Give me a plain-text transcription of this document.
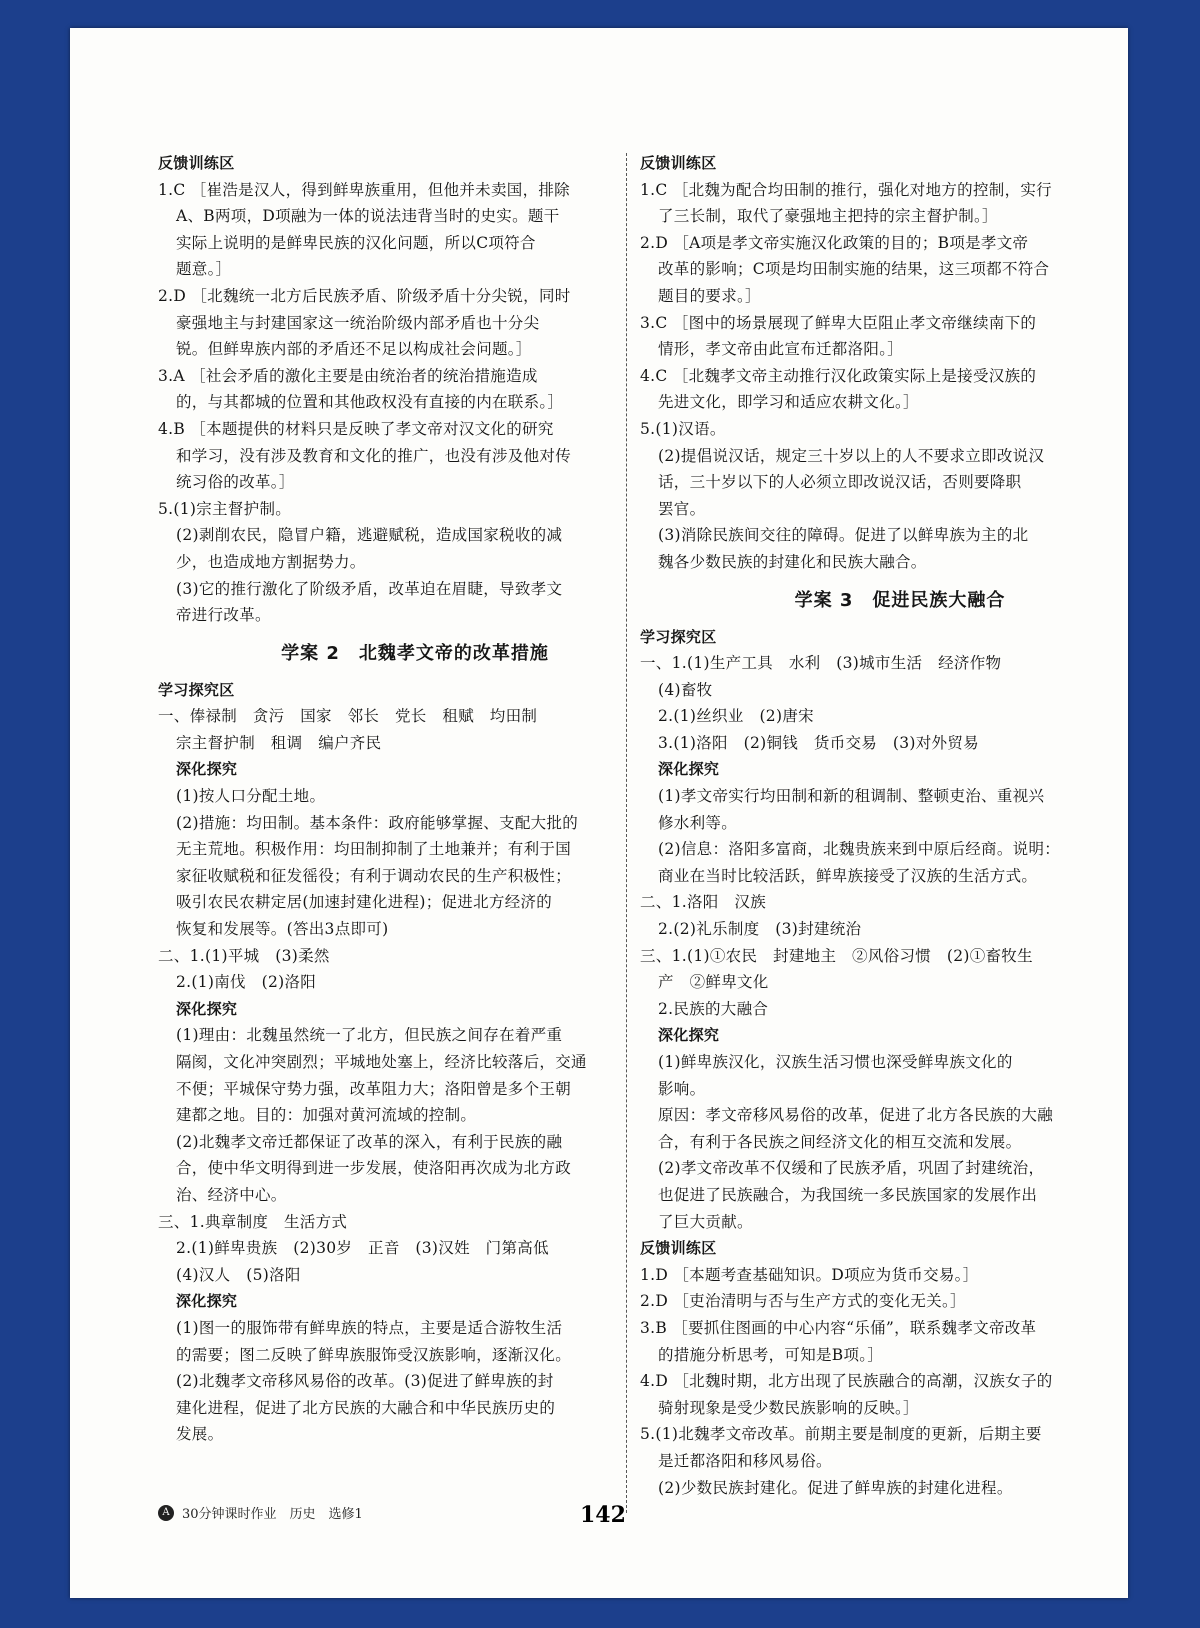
反馈训练区
1.C ［崔浩是汉人，得到鲜卑族重用，但他并未卖国，排除
A、B两项，D项融为一体的说法违背当时的史实。题干
实际上说明的是鲜卑民族的汉化问题，所以C项符合
题意。］
2.D ［北魏统一北方后民族矛盾、阶级矛盾十分尖锐，同时
豪强地主与封建国家这一统治阶级内部矛盾也十分尖
锐。但鲜卑族内部的矛盾还不足以构成社会问题。］
3.A ［社会矛盾的激化主要是由统治者的统治措施造成
的，与其都城的位置和其他政权没有直接的内在联系。］
4.B ［本题提供的材料只是反映了孝文帝对汉文化的研究
和学习，没有涉及教育和文化的推广，也没有涉及他对传
统习俗的改革。］
5.(1)宗主督护制。
(2)剥削农民，隐冒户籍，逃避赋税，造成国家税收的减
少，也造成地方割据势力。
(3)它的推行激化了阶级矛盾，改革迫在眉睫，导致孝文
帝进行改革。
学案 2　北魏孝文帝的改革措施
学习探究区
一、俸禄制　贪污　国家　邻长　党长　租赋　均田制
宗主督护制　租调　编户齐民
深化探究
(1)按人口分配土地。
(2)措施：均田制。基本条件：政府能够掌握、支配大批的
无主荒地。积极作用：均田制抑制了土地兼并；有利于国
家征收赋税和征发徭役；有利于调动农民的生产积极性；
吸引农民农耕定居(加速封建化进程)；促进北方经济的
恢复和发展等。(答出3点即可)
二、1.(1)平城　(3)柔然
2.(1)南伐　(2)洛阳
深化探究
(1)理由：北魏虽然统一了北方，但民族之间存在着严重
隔阂，文化冲突剧烈；平城地处塞上，经济比较落后，交通
不便；平城保守势力强，改革阻力大；洛阳曾是多个王朝
建都之地。目的：加强对黄河流域的控制。
(2)北魏孝文帝迁都保证了改革的深入，有利于民族的融
合，使中华文明得到进一步发展，使洛阳再次成为北方政
治、经济中心。
三、1.典章制度　生活方式
2.(1)鲜卑贵族　(2)30岁　正音　(3)汉姓　门第高低
(4)汉人　(5)洛阳
深化探究
(1)图一的服饰带有鲜卑族的特点，主要是适合游牧生活
的需要；图二反映了鲜卑族服饰受汉族影响，逐渐汉化。
(2)北魏孝文帝移风易俗的改革。(3)促进了鲜卑族的封
建化进程，促进了北方民族的大融合和中华民族历史的
发展。
反馈训练区
1.C ［北魏为配合均田制的推行，强化对地方的控制，实行
了三长制，取代了豪强地主把持的宗主督护制。］
2.D ［A项是孝文帝实施汉化政策的目的；B项是孝文帝
改革的影响；C项是均田制实施的结果，这三项都不符合
题目的要求。］
3.C ［图中的场景展现了鲜卑大臣阻止孝文帝继续南下的
情形，孝文帝由此宣布迁都洛阳。］
4.C ［北魏孝文帝主动推行汉化政策实际上是接受汉族的
先进文化，即学习和适应农耕文化。］
5.(1)汉语。
(2)提倡说汉话，规定三十岁以上的人不要求立即改说汉
话，三十岁以下的人必须立即改说汉话，否则要降职
罢官。
(3)消除民族间交往的障碍。促进了以鲜卑族为主的北
魏各少数民族的封建化和民族大融合。
学案 3　促进民族大融合
学习探究区
一、1.(1)生产工具　水利　(3)城市生活　经济作物
(4)畜牧
2.(1)丝织业　(2)唐宋
3.(1)洛阳　(2)铜钱　货币交易　(3)对外贸易
深化探究
(1)孝文帝实行均田制和新的租调制、整顿吏治、重视兴
修水利等。
(2)信息：洛阳多富商，北魏贵族来到中原后经商。说明：
商业在当时比较活跃，鲜卑族接受了汉族的生活方式。
二、1.洛阳　汉族
2.(2)礼乐制度　(3)封建统治
三、1.(1)①农民　封建地主　②风俗习惯　(2)①畜牧生
产　②鲜卑文化
2.民族的大融合
深化探究
(1)鲜卑族汉化，汉族生活习惯也深受鲜卑族文化的
影响。
原因：孝文帝移风易俗的改革，促进了北方各民族的大融
合，有利于各民族之间经济文化的相互交流和发展。
(2)孝文帝改革不仅缓和了民族矛盾，巩固了封建统治，
也促进了民族融合，为我国统一多民族国家的发展作出
了巨大贡献。
反馈训练区
1.D ［本题考查基础知识。D项应为货币交易。］
2.D ［吏治清明与否与生产方式的变化无关。］
3.B ［要抓住图画的中心内容“乐俑”，联系魏孝文帝改革
的措施分析思考，可知是B项。］
4.D ［北魏时期，北方出现了民族融合的高潮，汉族女子的
骑射现象是受少数民族影响的反映。］
5.(1)北魏孝文帝改革。前期主要是制度的更新，后期主要
是迁都洛阳和移风易俗。
(2)少数民族封建化。促进了鲜卑族的封建化进程。
A 30分钟课时作业　历史　选修1	142
